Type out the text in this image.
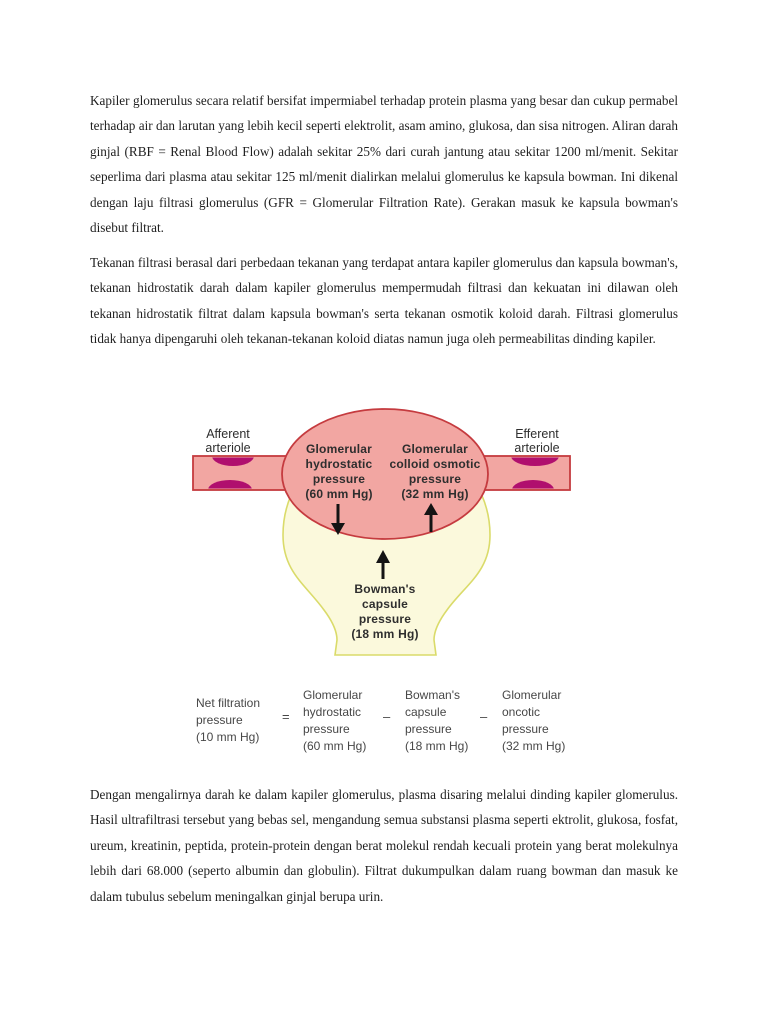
Kapiler glomerulus secara relatif bersifat impermiabel terhadap protein plasma yang besar dan cukup permabel terhadap air dan larutan yang lebih kecil seperti elektrolit, asam amino, glukosa, dan sisa nitrogen. Aliran darah ginjal (RBF = Renal Blood Flow) adalah sekitar 25% dari curah jantung atau sekitar 1200 ml/menit. Sekitar seperlima dari plasma atau sekitar 125 ml/menit dialirkan melalui glomerulus ke kapsula bowman. Ini dikenal dengan laju filtrasi glomerulus (GFR = Glomerular Filtration Rate). Gerakan masuk ke kapsula bowman's disebut filtrat.

Tekanan filtrasi berasal dari perbedaan tekanan yang terdapat antara kapiler glomerulus dan kapsula bowman's, tekanan hidrostatik darah dalam kapiler glomerulus mempermudah filtrasi dan kekuatan ini dilawan oleh tekanan hidrostatik filtrat dalam kapsula bowman's serta tekanan osmotik koloid darah. Filtrasi glomerulus tidak hanya dipengaruhi oleh tekanan-tekanan koloid diatas namun juga oleh permeabilitas dinding kapiler.

Afferent
arteriole
Efferent
arteriole
Glomerular
hydrostatic
pressure
(60 mm Hg)
Glomerular
colloid osmotic
pressure
(32 mm Hg)
Bowman's
capsule
pressure
(18 mm Hg)
Net filtration
pressure
(10 mm Hg)
=
Glomerular
hydrostatic
pressure
(60 mm Hg)
–
Bowman's
capsule
pressure
(18 mm Hg)
–
Glomerular
oncotic
pressure
(32 mm Hg)

Dengan mengalirnya darah ke dalam kapiler glomerulus, plasma disaring melalui dinding kapiler glomerulus. Hasil ultrafiltrasi tersebut yang bebas sel, mengandung semua substansi plasma seperti ektrolit, glukosa, fosfat, ureum, kreatinin, peptida, protein-protein dengan berat molekul rendah kecuali protein yang berat molekulnya lebih dari 68.000 (seperto albumin dan globulin). Filtrat dukumpulkan dalam ruang bowman dan masuk ke dalam tubulus sebelum meningalkan ginjal berupa urin.
